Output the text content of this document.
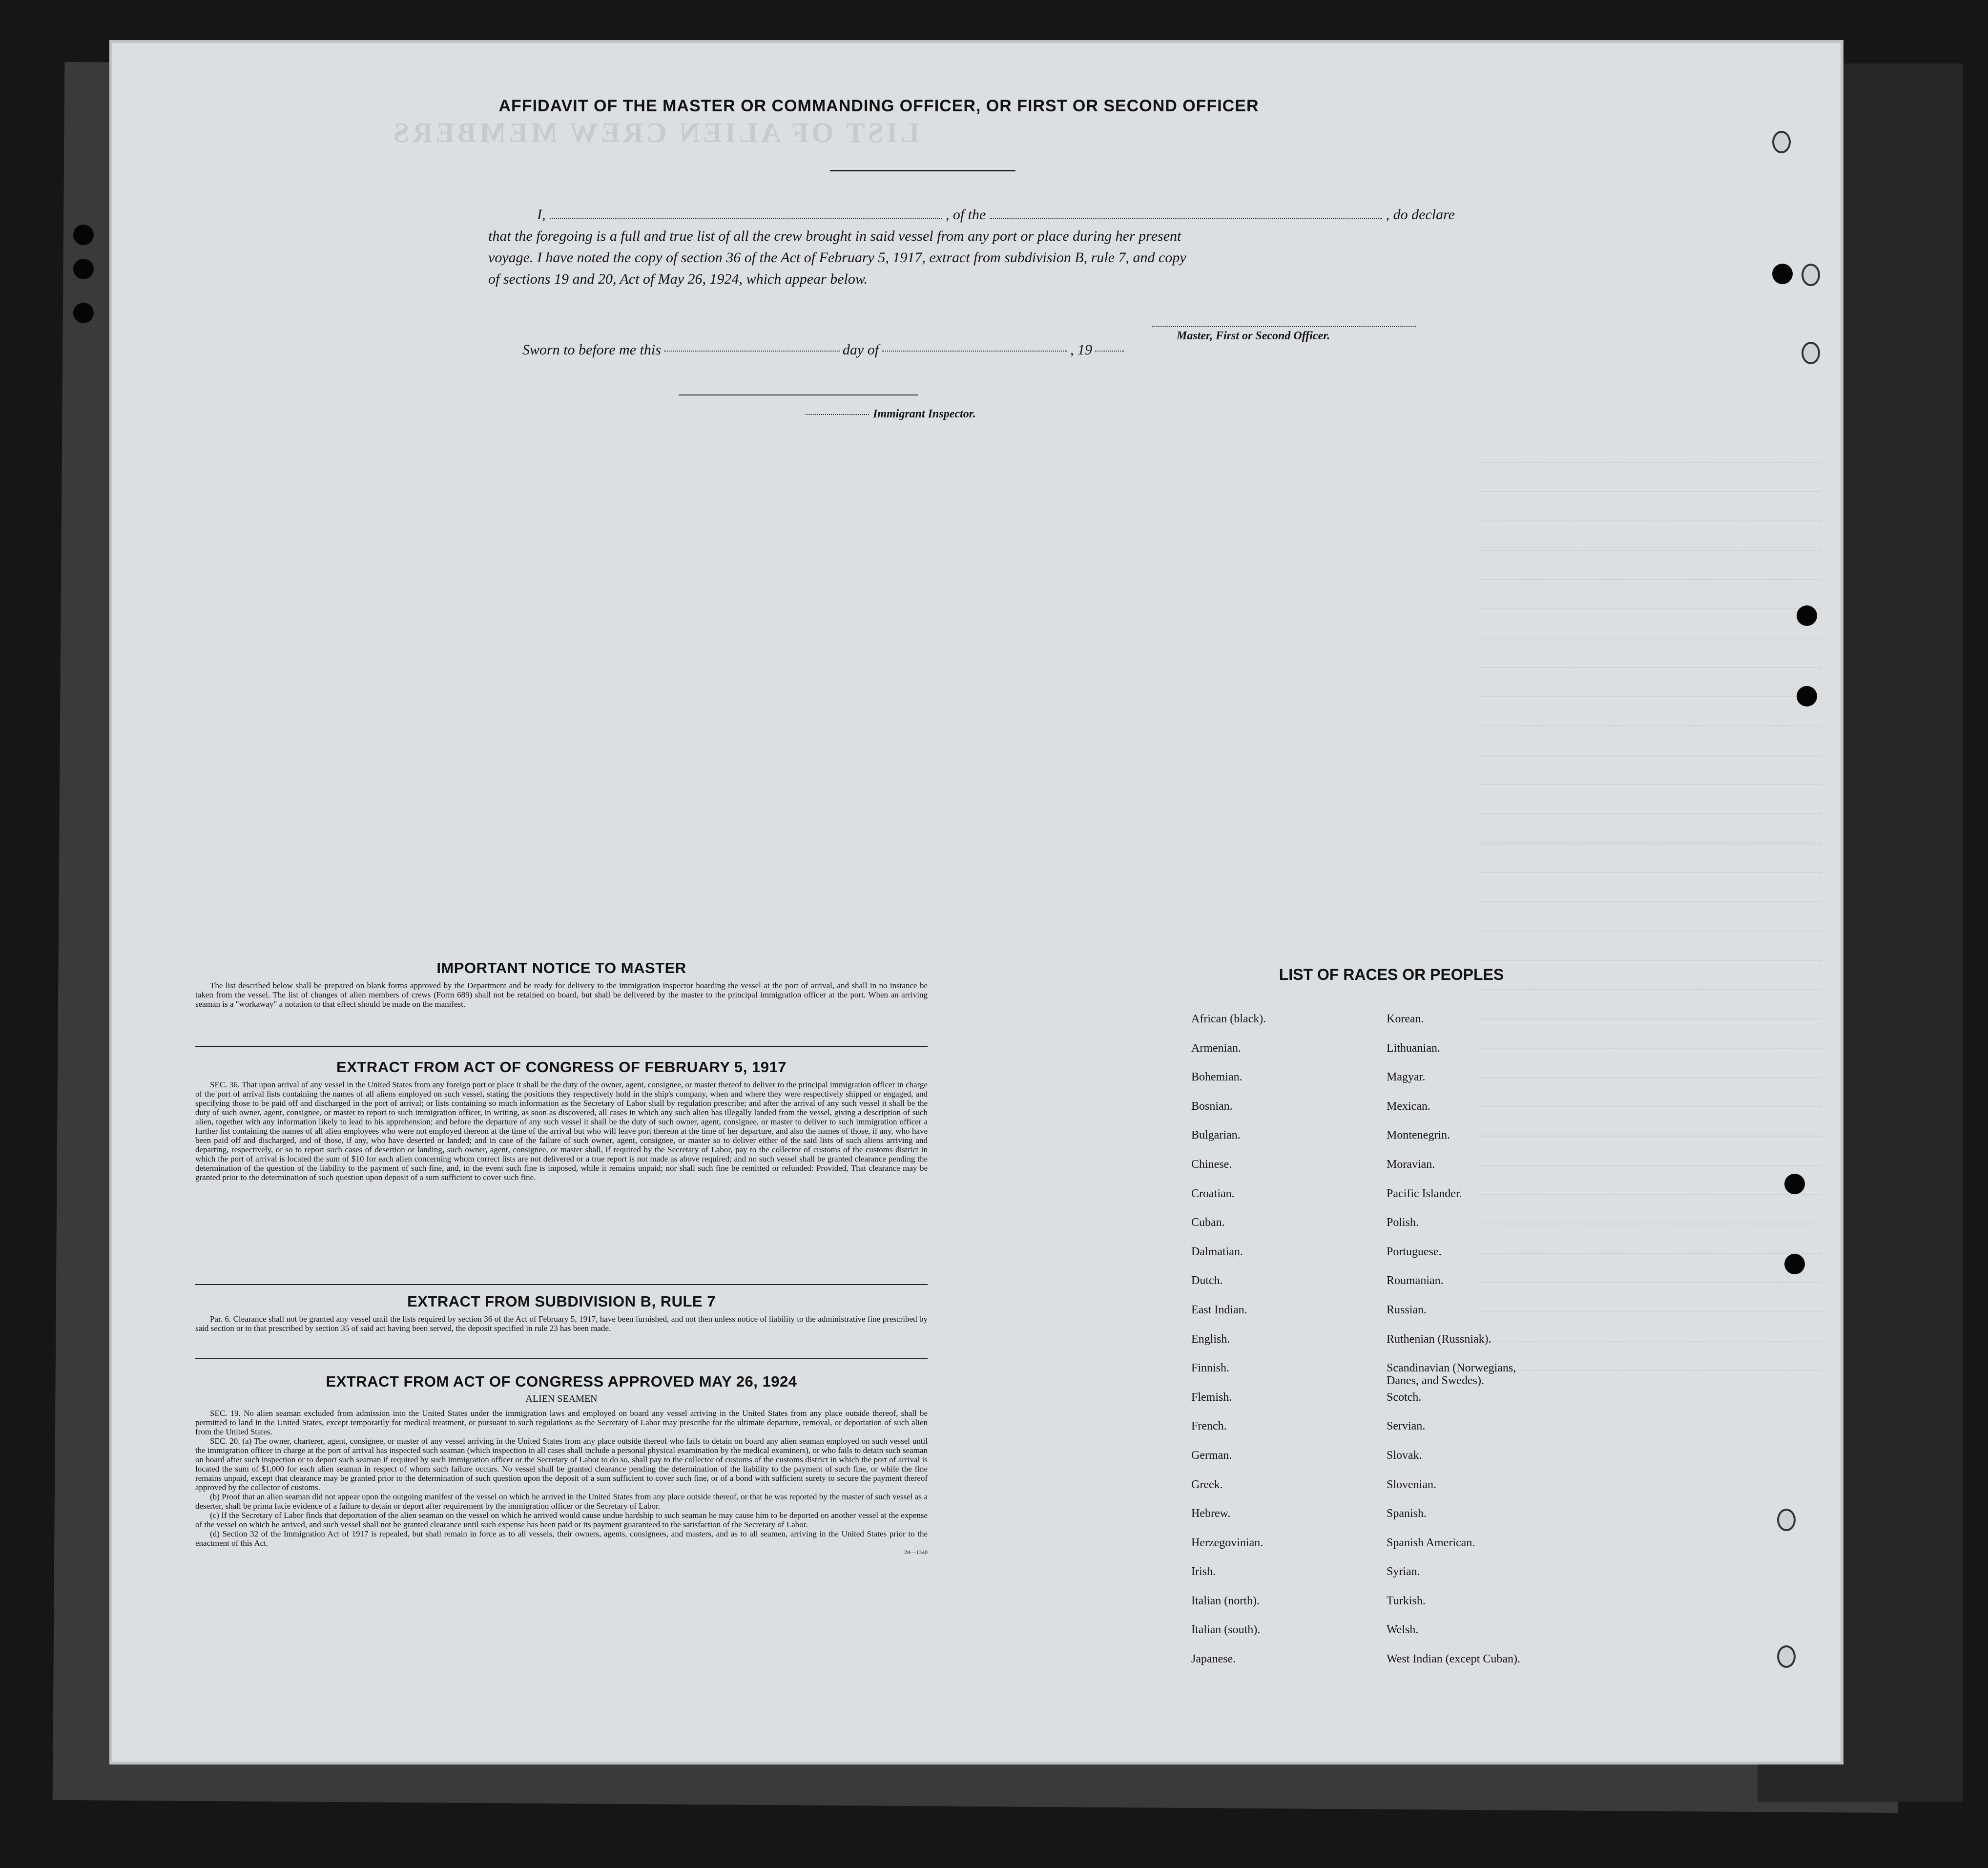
LIST OF ALIEN CREW MEMBERS
AFFIDAVIT OF THE MASTER OR COMMANDING OFFICER, OR FIRST OR SECOND OFFICER
I,	, of the	, do declare
that the foregoing is a full and true list of all the crew brought in said vessel from any port or place during her present
voyage. I have noted the copy of section 36 of the Act of February 5, 1917, extract from subdivision B, rule 7, and copy
of sections 19 and 20, Act of May 26, 1924, which appear below.
Master, First or Second Officer.
Sworn to before me this	day of	, 19
Immigrant Inspector.
IMPORTANT NOTICE TO MASTER

The list described below shall be prepared on blank forms approved by the Department and be ready for delivery to the immigration inspector boarding the vessel at the port of arrival, and shall in no instance be taken from the vessel. The list of changes of alien members of crews (Form 689) shall not be retained on board, but shall be delivered by the master to the principal immigration officer at the port. When an arriving seaman is a "workaway" a notation to that effect should be made on the manifest.

EXTRACT FROM ACT OF CONGRESS OF FEBRUARY 5, 1917

SEC. 36. That upon arrival of any vessel in the United States from any foreign port or place it shall be the duty of the owner, agent, consignee, or master thereof to deliver to the principal immigration officer in charge of the port of arrival lists containing the names of all aliens employed on such vessel, stating the positions they respectively hold in the ship's company, when and where they were respectively shipped or engaged, and specifying those to be paid off and discharged in the port of arrival; or lists containing so much information as the Secretary of Labor shall by regulation prescribe; and after the arrival of any such vessel it shall be the duty of such owner, agent, consignee, or master to report to such immigration officer, in writing, as soon as discovered, all cases in which any such alien has illegally landed from the vessel, giving a description of such alien, together with any information likely to lead to his apprehension; and before the departure of any such vessel it shall be the duty of such owner, agent, consignee, or master to deliver to such immigration officer a further list containing the names of all alien employees who were not employed thereon at the time of the arrival but who will leave port thereon at the time of her departure, and also the names of those, if any, who have been paid off and discharged, and of those, if any, who have deserted or landed; and in case of the failure of such owner, agent, consignee, or master so to deliver either of the said lists of such aliens arriving and departing, respectively, or so to report such cases of desertion or landing, such owner, agent, consignee, or master shall, if required by the Secretary of Labor, pay to the collector of customs of the customs district in which the port of arrival is located the sum of $10 for each alien concerning whom correct lists are not delivered or a true report is not made as above required; and no such vessel shall be granted clearance pending the determination of the question of the liability to the payment of such fine, and, in the event such fine is imposed, while it remains unpaid; nor shall such fine be remitted or refunded: Provided, That clearance may be granted prior to the determination of such question upon deposit of a sum sufficient to cover such fine.

EXTRACT FROM SUBDIVISION B, RULE 7

Par. 6. Clearance shall not be granted any vessel until the lists required by section 36 of the Act of February 5, 1917, have been furnished, and not then unless notice of liability to the administrative fine prescribed by said section or to that prescribed by section 35 of said act having been served, the deposit specified in rule 23 has been made.

EXTRACT FROM ACT OF CONGRESS APPROVED MAY 26, 1924
ALIEN SEAMEN

SEC. 19. No alien seaman excluded from admission into the United States under the immigration laws and employed on board any vessel arriving in the United States from any place outside thereof, shall be permitted to land in the United States, except temporarily for medical treatment, or pursuant to such regulations as the Secretary of Labor may prescribe for the ultimate departure, removal, or deportation of such alien from the United States.

SEC. 20. (a) The owner, charterer, agent, consignee, or master of any vessel arriving in the United States from any place outside thereof who fails to detain on board any alien seaman employed on such vessel until the immigration officer in charge at the port of arrival has inspected such seaman (which inspection in all cases shall include a personal physical examination by the medical examiners), or who fails to detain such seaman on board after such inspection or to deport such seaman if required by such immigration officer or the Secretary of Labor to do so, shall pay to the collector of customs of the customs district in which the port of arrival is located the sum of $1,000 for each alien seaman in respect of whom such failure occurs. No vessel shall be granted clearance pending the determination of the liability to the payment of such fine, or while the fine remains unpaid, except that clearance may be granted prior to the determination of such question upon the deposit of a sum sufficient to cover such fine, or of a bond with sufficient surety to secure the payment thereof approved by the collector of customs.

(b) Proof that an alien seaman did not appear upon the outgoing manifest of the vessel on which he arrived in the United States from any place outside thereof, or that he was reported by the master of such vessel as a deserter, shall be prima facie evidence of a failure to detain or deport after requirement by the immigration officer or the Secretary of Labor.

(c) If the Secretary of Labor finds that deportation of the alien seaman on the vessel on which he arrived would cause undue hardship to such seaman he may cause him to be deported on another vessel at the expense of the vessel on which he arrived, and such vessel shall not be granted clearance until such expense has been paid or its payment guaranteed to the satisfaction of the Secretary of Labor.

(d) Section 32 of the Immigration Act of 1917 is repealed, but shall remain in force as to all vessels, their owners, agents, consignees, and masters, and as to all seamen, arriving in the United States prior to the enactment of this Act.

24—1340
LIST OF RACES OR PEOPLES
African (black).	Korean.
Armenian.	Lithuanian.
Bohemian.	Magyar.
Bosnian.	Mexican.
Bulgarian.	Montenegrin.
Chinese.	Moravian.
Croatian.	Pacific Islander.
Cuban.	Polish.
Dalmatian.	Portuguese.
Dutch.	Roumanian.
East Indian.	Russian.
English.	Ruthenian (Russniak).
Finnish.	Scandinavian (Norwegians,
Danes, and Swedes).
Flemish.	Scotch.
French.	Servian.
German.	Slovak.
Greek.	Slovenian.
Hebrew.	Spanish.
Herzegovinian.	Spanish American.
Irish.	Syrian.
Italian (north).	Turkish.
Italian (south).	Welsh.
Japanese.	West Indian (except Cuban).
